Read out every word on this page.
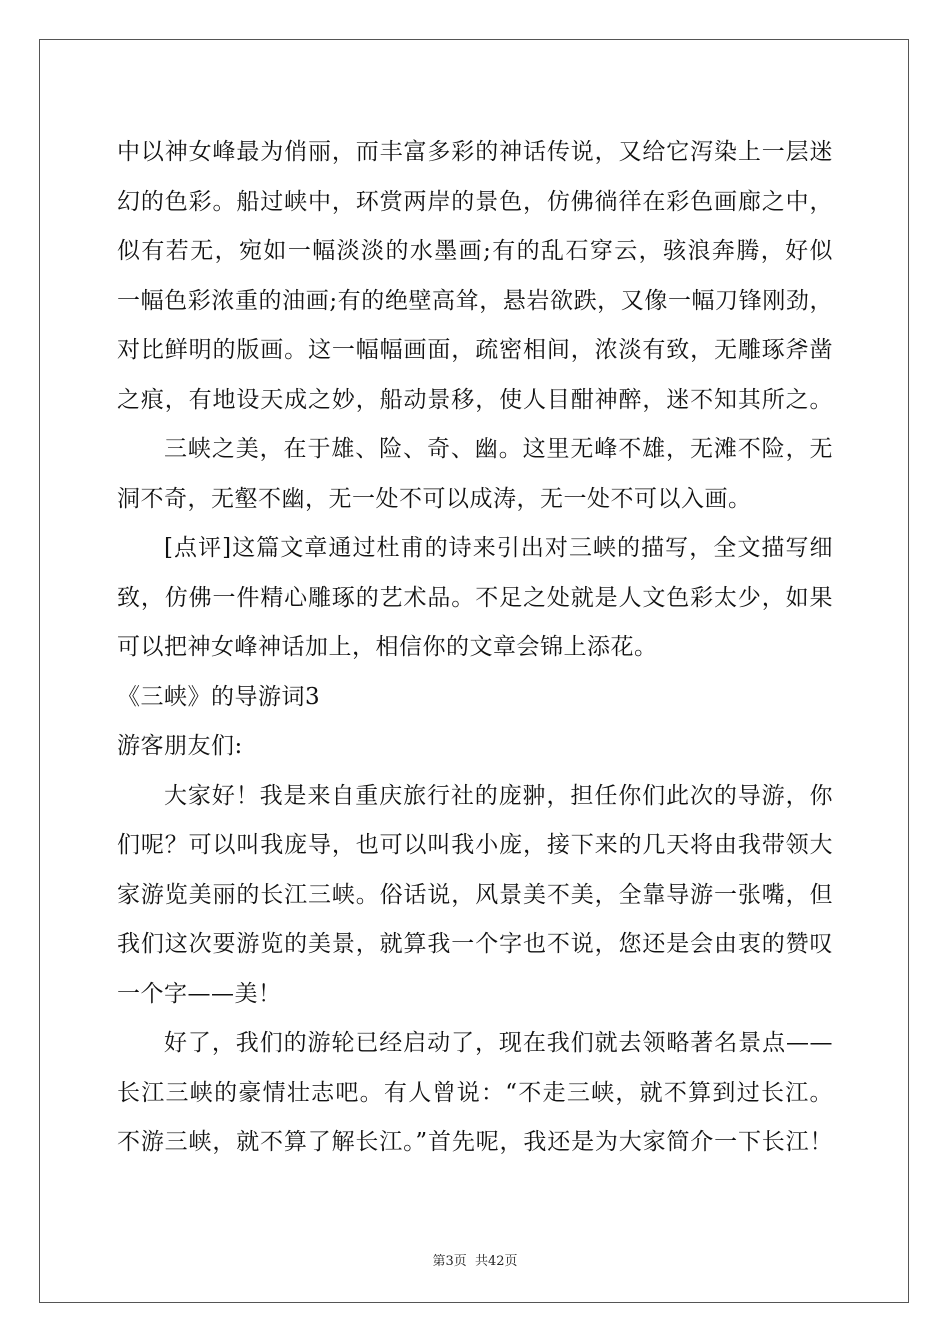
中以神女峰最为俏丽，而丰富多彩的神话传说，又给它泻染上一层迷
幻的色彩。船过峡中，环赏两岸的景色，仿佛徜徉在彩色画廊之中，
似有若无，宛如一幅淡淡的水墨画;有的乱石穿云，骇浪奔腾，好似
一幅色彩浓重的油画;有的绝壁高耸，悬岩欲跌，又像一幅刀锋刚劲，
对比鲜明的版画。这一幅幅画面，疏密相间，浓淡有致，无雕琢斧凿
之痕，有地设天成之妙，船动景移，使人目酣神醉，迷不知其所之。
三峡之美，在于雄、险、奇、幽。这里无峰不雄，无滩不险，无
洞不奇，无壑不幽，无一处不可以成涛，无一处不可以入画。
[点评]这篇文章通过杜甫的诗来引出对三峡的描写，全文描写细
致，仿佛一件精心雕琢的艺术品。不足之处就是人文色彩太少，如果
可以把神女峰神话加上，相信你的文章会锦上添花。
《三峡》的导游词3
游客朋友们:
大家好！我是来自重庆旅行社的庞翀，担任你们此次的导游，你
们呢？可以叫我庞导，也可以叫我小庞，接下来的几天将由我带领大
家游览美丽的长江三峡。俗话说，风景美不美，全靠导游一张嘴，但
我们这次要游览的美景，就算我一个字也不说，您还是会由衷的赞叹
一个字——美！
好了，我们的游轮已经启动了，现在我们就去领略著名景点——
长江三峡的豪情壮志吧。有人曾说：“不走三峡，就不算到过长江。
不游三峡，就不算了解长江。”首先呢，我还是为大家简介一下长江！
第3页 共42页
